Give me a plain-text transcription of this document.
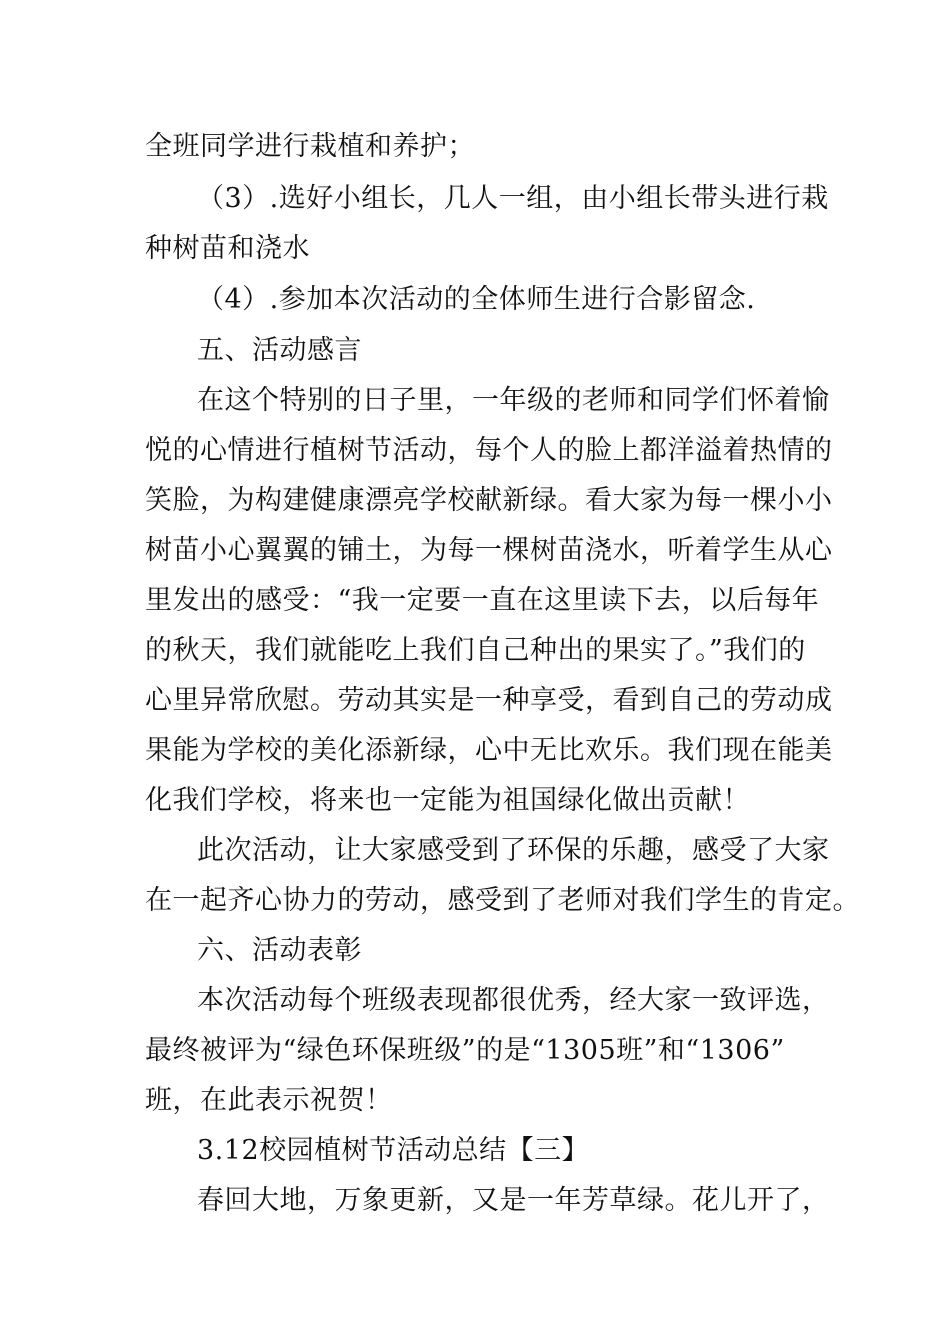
全班同学进行栽植和养护；
（3）.选好小组长，几人一组，由小组长带头进行栽
种树苗和浇水
（4）.参加本次活动的全体师生进行合影留念.
五、活动感言
在这个特别的日子里，一年级的老师和同学们怀着愉
悦的心情进行植树节活动，每个人的脸上都洋溢着热情的
笑脸，为构建健康漂亮学校献新绿。看大家为每一棵小小
树苗小心翼翼的铺土，为每一棵树苗浇水，听着学生从心
里发出的感受：“我一定要一直在这里读下去，以后每年
的秋天，我们就能吃上我们自己种出的果实了。”我们的
心里异常欣慰。劳动其实是一种享受，看到自己的劳动成
果能为学校的美化添新绿，心中无比欢乐。我们现在能美
化我们学校，将来也一定能为祖国绿化做出贡献！
此次活动，让大家感受到了环保的乐趣，感受了大家
在一起齐心协力的劳动，感受到了老师对我们学生的肯定。
六、活动表彰
本次活动每个班级表现都很优秀，经大家一致评选，
最终被评为“绿色环保班级”的是“1305班”和“1306”
班，在此表示祝贺！
3.12校园植树节活动总结【三】
春回大地，万象更新，又是一年芳草绿。花儿开了，
